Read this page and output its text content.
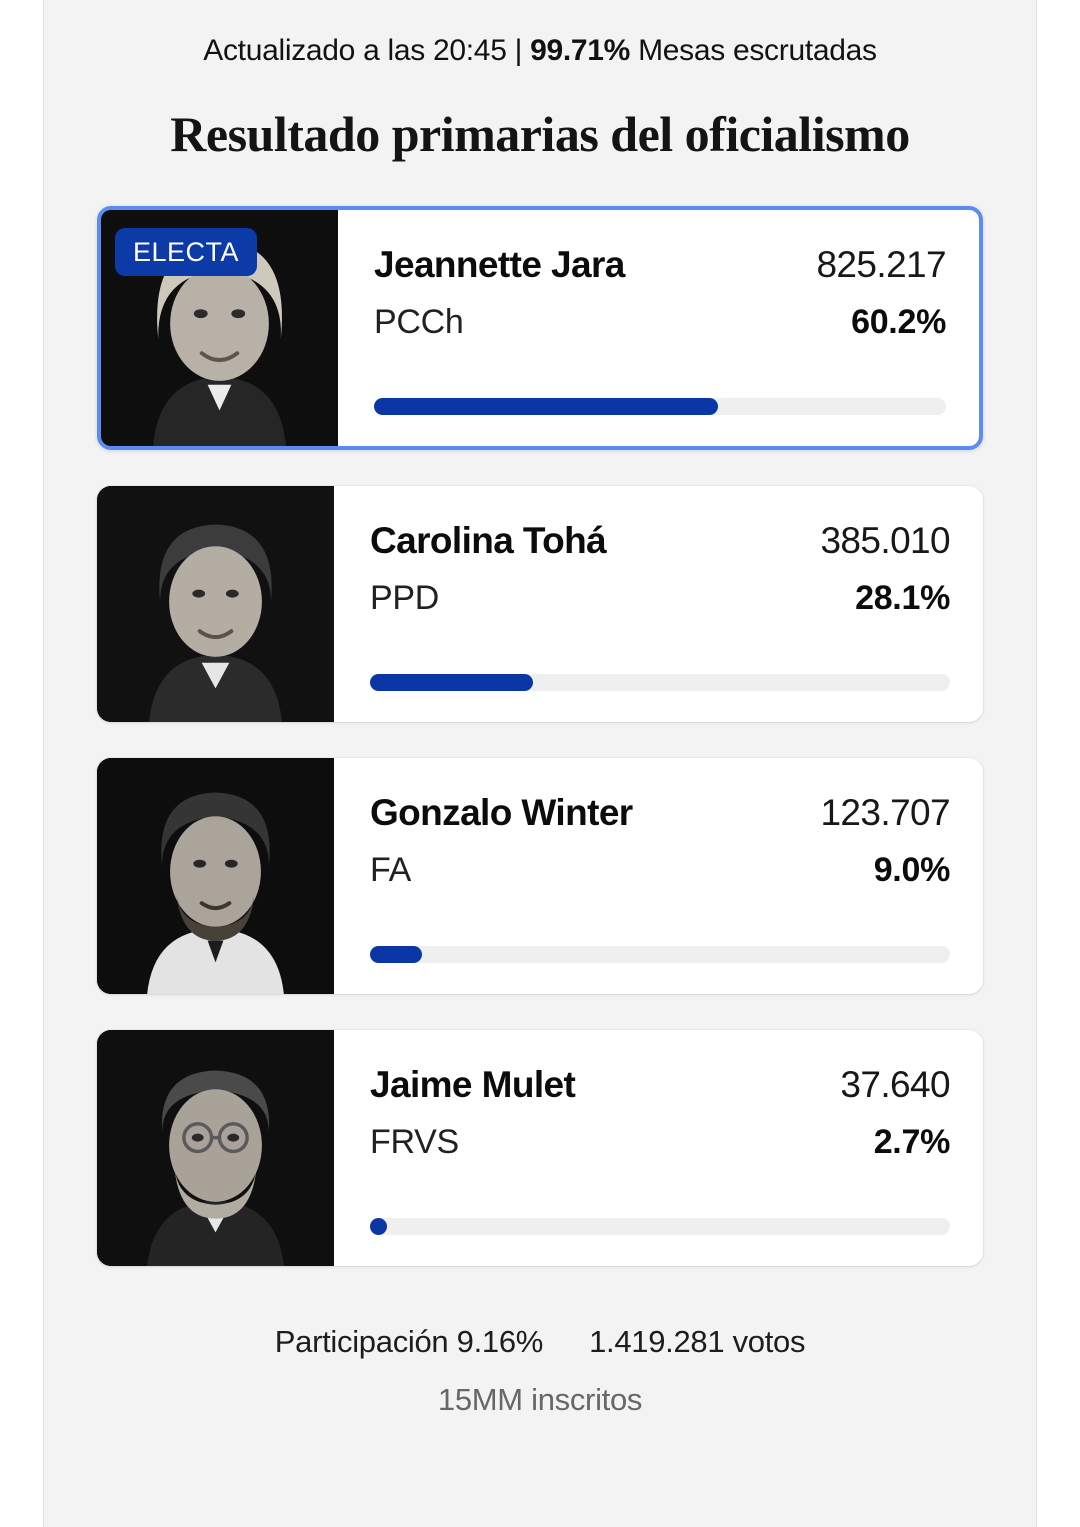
Actualizado a las 20:45 | 99.71% Mesas escrutadas
Resultado primarias del oficialismo
ELECTA	Jeannette Jara	825.217
PCCh	60.2%
Carolina Tohá	385.010
PPD	28.1%
Gonzalo Winter	123.707
FA	9.0%
Jaime Mulet	37.640
FRVS	2.7%
Participación 9.16% 1.419.281 votos
15MM inscritos
